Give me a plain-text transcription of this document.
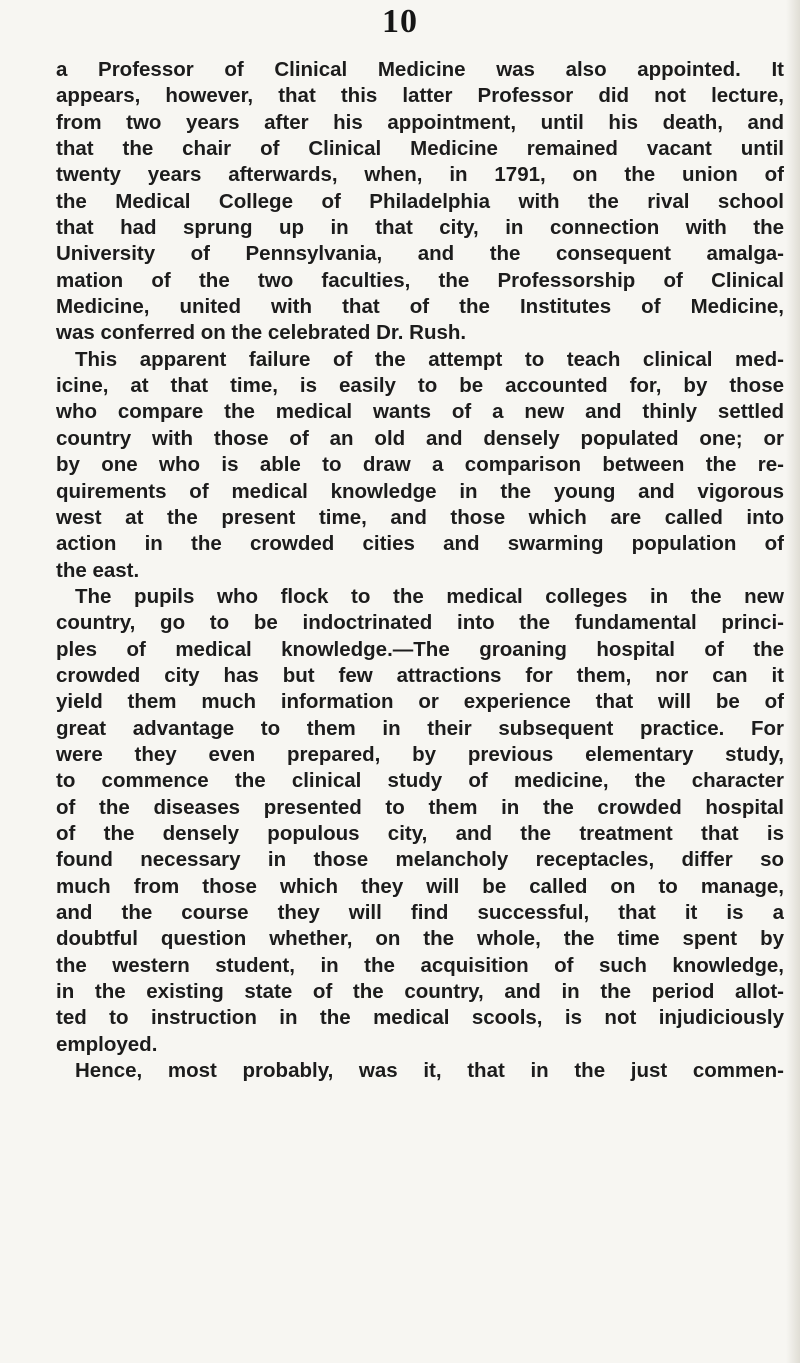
10
a Professor of Clinical Medicine was also appointed. It
appears, however, that this latter Professor did not lecture,
from two years after his appointment, until his death, and
that the chair of Clinical Medicine remained vacant until
twenty years afterwards, when, in 1791, on the union of
the Medical College of Philadelphia with the rival school
that had sprung up in that city, in connection with the
University of Pennsylvania, and the consequent amalga-
mation of the two faculties, the Professorship of Clinical
Medicine, united with that of the Institutes of Medicine,
was conferred on the celebrated Dr. Rush.
This apparent failure of the attempt to teach clinical med-
icine, at that time, is easily to be accounted for, by those
who compare the medical wants of a new and thinly settled
country with those of an old and densely populated one; or
by one who is able to draw a comparison between the re-
quirements of medical knowledge in the young and vigorous
west at the present time, and those which are called into
action in the crowded cities and swarming population of
the east.
The pupils who flock to the medical colleges in the new
country, go to be indoctrinated into the fundamental princi-
ples of medical knowledge.—The groaning hospital of the
crowded city has but few attractions for them, nor can it
yield them much information or experience that will be of
great advantage to them in their subsequent practice. For
were they even prepared, by previous elementary study,
to commence the clinical study of medicine, the character
of the diseases presented to them in the crowded hospital
of the densely populous city, and the treatment that is
found necessary in those melancholy receptacles, differ so
much from those which they will be called on to manage,
and the course they will find successful, that it is a
doubtful question whether, on the whole, the time spent by
the western student, in the acquisition of such knowledge,
in the existing state of the country, and in the period allot-
ted to instruction in the medical scools, is not injudiciously
employed.
Hence, most probably, was it, that in the just commen-
